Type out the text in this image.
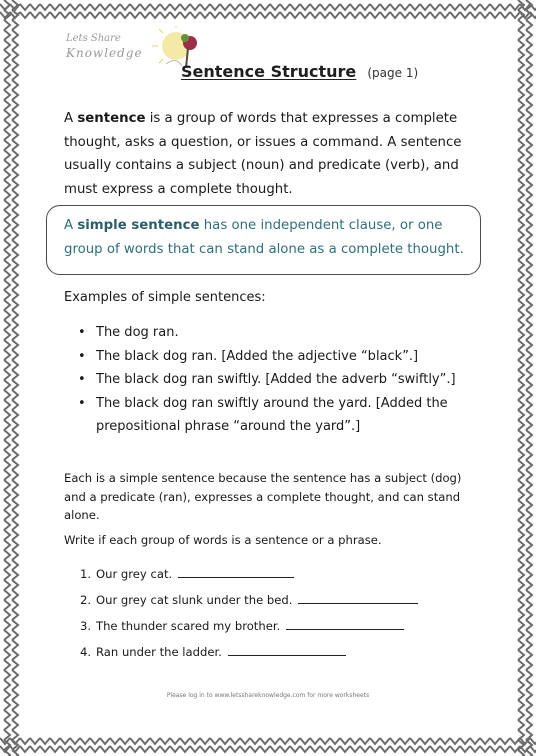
Lets Share
Knowledge
Sentence Structure (page 1)

A sentence is a group of words that expresses a complete thought, asks a question, or issues a command. A sentence usually contains a subject (noun) and predicate (verb), and must express a complete thought.

A simple sentence has one independent clause, or one group of words that can stand alone as a complete thought.

Examples of simple sentences:
• The dog ran.
• The black dog ran. [Added the adjective “black”.]
• The black dog ran swiftly. [Added the adverb “swiftly”.]
• The black dog ran swiftly around the yard. [Added the prepositional phrase “around the yard”.]

Each is a simple sentence because the sentence has a subject (dog) and a predicate (ran), expresses a complete thought, and can stand alone.

Write if each group of words is a sentence or a phrase.
1. Our grey cat.
2. Our grey cat slunk under the bed.
3. The thunder scared my brother.
4. Ran under the ladder.
Please log in to www.letsshareknowledge.com for more worksheets
